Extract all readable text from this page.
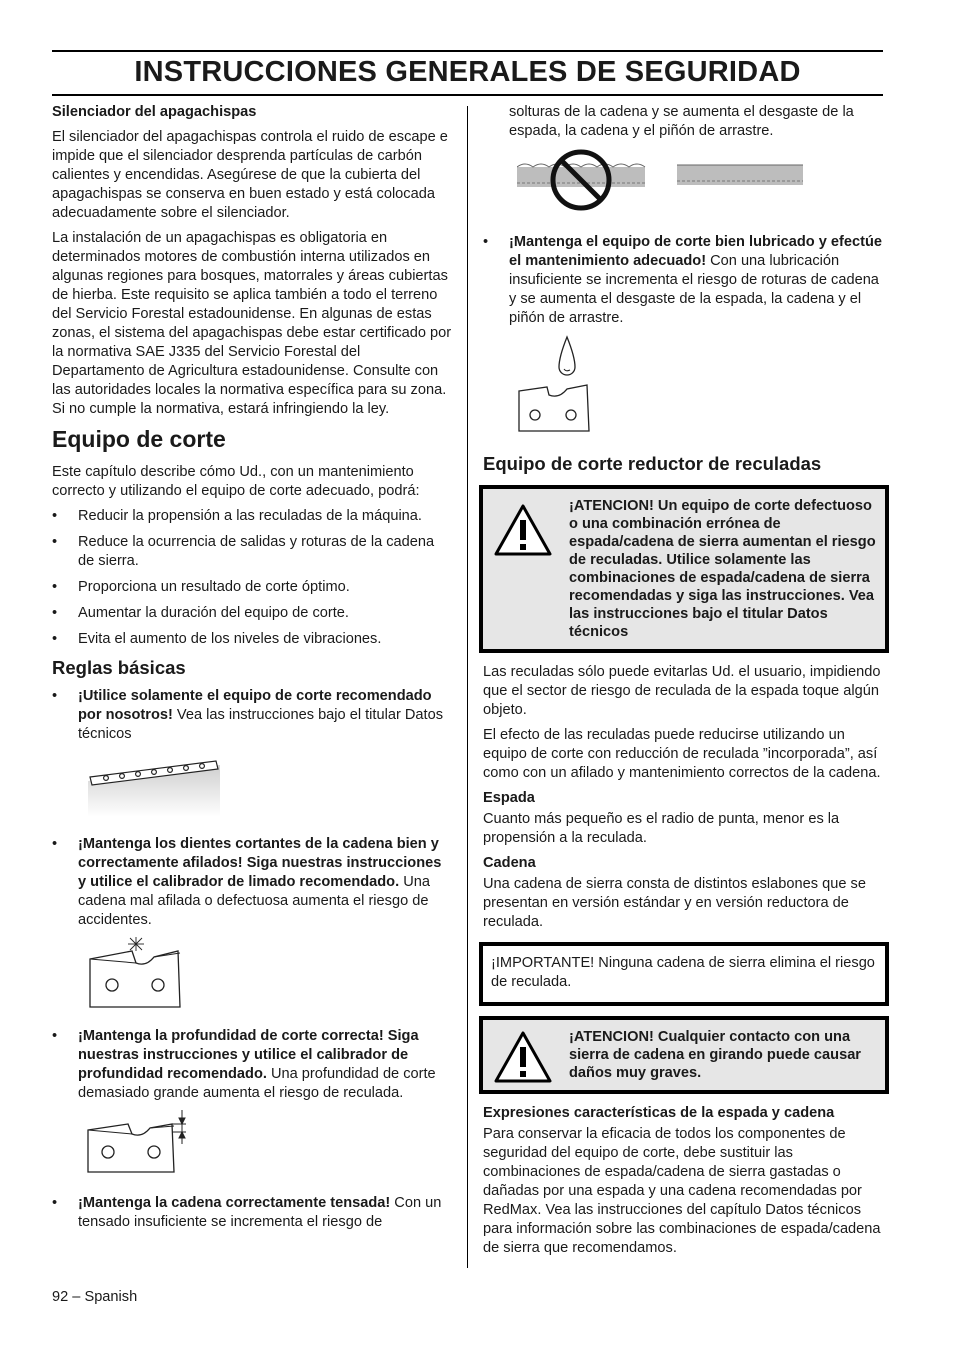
INSTRUCCIONES GENERALES DE SEGURIDAD
Silenciador del apagachispas

El silenciador del apagachispas controla el ruido de escape e impide que el silenciador desprenda partículas de carbón calientes y encendidas. Asegúrese de que la cubierta del apagachispas se conserva en buen estado y está colocada adecuadamente sobre el silenciador.

La instalación de un apagachispas es obligatoria en determinados motores de combustión interna utilizados en algunas regiones para bosques, matorrales y áreas cubiertas de hierba. Este requisito se aplica también a todo el terreno del Servicio Forestal estadounidense. En algunas de estas zonas, el sistema del apagachispas debe estar certificado por la normativa SAE J335 del Servicio Forestal del Departamento de Agricultura estadounidense. Consulte con las autoridades locales la normativa específica para su zona. Si no cumple la normativa, estará infringiendo la ley.

Equipo de corte

Este capítulo describe cómo Ud., con un mantenimiento correcto y utilizando el equipo de corte adecuado, podrá:

• Reducir la propensión a las reculadas de la máquina.
• Reduce la ocurrencia de salidas y roturas de la cadena de sierra.
• Proporciona un resultado de corte óptimo.
• Aumentar la duración del equipo de corte.
• Evita el aumento de los niveles de vibraciones.
Reglas básicas
• ¡Utilice solamente el equipo de corte recomendado por nosotros! Vea las instrucciones bajo el titular Datos técnicos
• ¡Mantenga los dientes cortantes de la cadena bien y correctamente afilados! Siga nuestras instrucciones y utilice el calibrador de limado recomendado. Una cadena mal afilada o defectuosa aumenta el riesgo de accidentes.
• ¡Mantenga la profundidad de corte correcta! Siga nuestras instrucciones y utilice el calibrador de profundidad recomendado. Una profundidad de corte demasiado grande aumenta el riesgo de reculada.
• ¡Mantenga la cadena correctamente tensada! Con un tensado insuficiente se incrementa el riesgo de

solturas de la cadena y se aumenta el desgaste de la espada, la cadena y el piñón de arrastre.

• ¡Mantenga el equipo de corte bien lubricado y efectúe el mantenimiento adecuado! Con una lubricación insuficiente se incrementa el riesgo de roturas de cadena y se aumenta el desgaste de la espada, la cadena y el piñón de arrastre.
Equipo de corte reductor de reculadas
¡ATENCION! Un equipo de corte defectuoso o una combinación errónea de espada/cadena de sierra aumentan el riesgo de reculadas. Utilice solamente las combinaciones de espada/cadena de sierra recomendadas y siga las instrucciones. Vea las instrucciones bajo el titular Datos técnicos

Las reculadas sólo puede evitarlas Ud. el usuario, impidiendo que el sector de riesgo de reculada de la espada toque algún objeto.

El efecto de las reculadas puede reducirse utilizando un equipo de corte con reducción de reculada ”incorporada”, así como con un afilado y mantenimiento correctos de la cadena.

Espada

Cuanto más pequeño es el radio de punta, menor es la propensión a la reculada.

Cadena

Una cadena de sierra consta de distintos eslabones que se presentan en versión estándar y en versión reductora de reculada.

¡IMPORTANTE! Ninguna cadena de sierra elimina el riesgo de reculada.
¡ATENCION! Cualquier contacto con una sierra de cadena en girando puede causar daños muy graves.
Expresiones características de la espada y cadena

Para conservar la eficacia de todos los componentes de seguridad del equipo de corte, debe sustituir las combinaciones de espada/cadena de sierra gastadas o dañadas por una espada y una cadena recomendadas por RedMax. Vea las instrucciones del capítulo Datos técnicos para información sobre las combinaciones de espada/cadena de sierra que recomendamos.

92 – Spanish
